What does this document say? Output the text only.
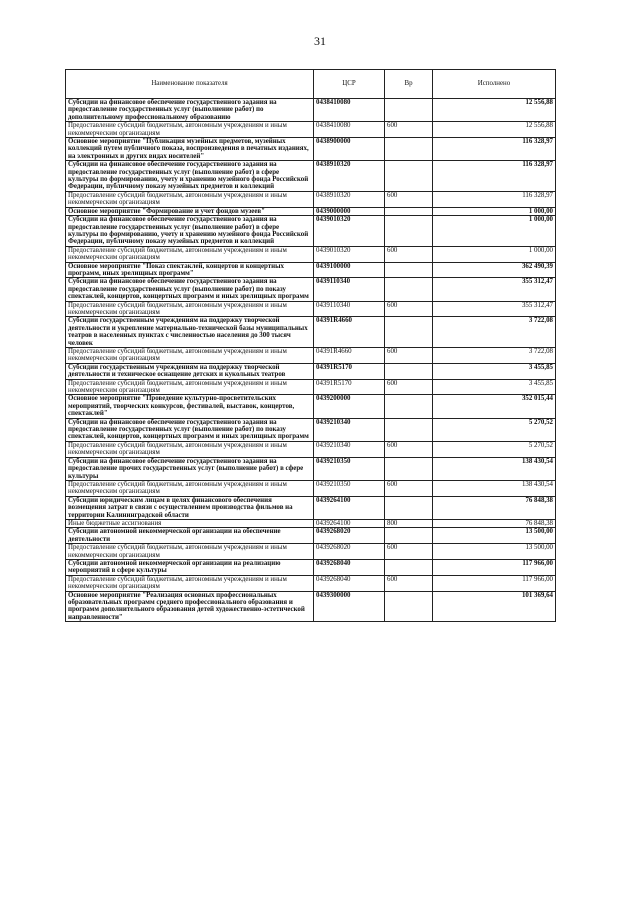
31
Наименование показателя	ЦСР	Вр	Исполнено
Субсидии на финансовое обеспечение государственного задания на предоставление государственных услуг (выполнение работ) по дополнительному профессиональному образованию	0438410080		12 556,88
Предоставление субсидий бюджетным, автономным учреждениям и иным некоммерческим организациям	0438410080	600	12 556,88
Основное мероприятие "Публикация музейных предметов, музейных коллекций путем публичного показа, воспроизведения в печатных изданиях, на электронных и других видах носителей"	0438900000		116 328,97
Субсидии на финансовое обеспечение государственного задания на предоставление государственных услуг (выполнение работ) в сфере культуры по формированию, учету и хранению музейного фонда Российской Федерации, публичному показу музейных предметов и коллекций	0438910320		116 328,97
Предоставление субсидий бюджетным, автономным учреждениям и иным некоммерческим организациям	0438910320	600	116 328,97
Основное мероприятие "Формирование и учет фондов музеев"	0439000000		1 000,00
Субсидии на финансовое обеспечение государственного задания на предоставление государственных услуг (выполнение работ) в сфере культуры по формированию, учету и хранению музейного фонда Российской Федерации, публичному показу музейных предметов и коллекций	0439010320		1 000,00
Предоставление субсидий бюджетным, автономным учреждениям и иным некоммерческим организациям	0439010320	600	1 000,00
Основное мероприятие "Показ спектаклей, концертов и концертных программ, иных зрелищных программ"	0439100000		362 490,39
Субсидии на финансовое обеспечение государственного задания на предоставление государственных услуг (выполнение работ) по показу спектаклей, концертов, концертных программ и иных зрелищных программ	0439110340		355 312,47
Предоставление субсидий бюджетным, автономным учреждениям и иным некоммерческим организациям	0439110340	600	355 312,47
Субсидии государственным учреждениям на поддержку творческой деятельности и укрепление материально-технической базы муниципальных театров в населенных пунктах с численностью населения до 300 тысяч человек	04391R4660		3 722,08
Предоставление субсидий бюджетным, автономным учреждениям и иным некоммерческим организациям	04391R4660	600	3 722,08
Субсидии государственным учреждениям на поддержку творческой деятельности и техническое оснащение детских и кукольных театров	04391R5170		3 455,85
Предоставление субсидий бюджетным, автономным учреждениям и иным некоммерческим организациям	04391R5170	600	3 455,85
Основное мероприятие "Проведение культурно-просветительских мероприятий, творческих конкурсов, фестивалей, выставок, концертов, спектаклей"	0439200000		352 015,44
Субсидии на финансовое обеспечение государственного задания на предоставление государственных услуг (выполнение работ) по показу спектаклей, концертов, концертных программ и иных зрелищных программ	0439210340		5 270,52
Предоставление субсидий бюджетным, автономным учреждениям и иным некоммерческим организациям	0439210340	600	5 270,52
Субсидии на финансовое обеспечение государственного задания на предоставление прочих государственных услуг (выполнение работ) в сфере культуры	0439210350		138 430,54
Предоставление субсидий бюджетным, автономным учреждениям и иным некоммерческим организациям	0439210350	600	138 430,54
Субсидии юридическим лицам в целях финансового обеспечения возмещения затрат в связи с осуществлением производства фильмов на территории Калининградской области	0439264100		76 848,38
Иные бюджетные ассигнования	0439264100	800	76 848,38
Субсидии автономной некоммерческой организации на обеспечение деятельности	0439268020		13 500,00
Предоставление субсидий бюджетным, автономным учреждениям и иным некоммерческим организациям	0439268020	600	13 500,00
Субсидии автономной некоммерческой организации на реализацию мероприятий в сфере культуры	0439268040		117 966,00
Предоставление субсидий бюджетным, автономным учреждениям и иным некоммерческим организациям	0439268040	600	117 966,00
Основное мероприятие "Реализация основных профессиональных образовательных программ среднего профессионального образования и программ дополнительного образования детей художественно-эстетической направленности"	0439300000		101 369,64
